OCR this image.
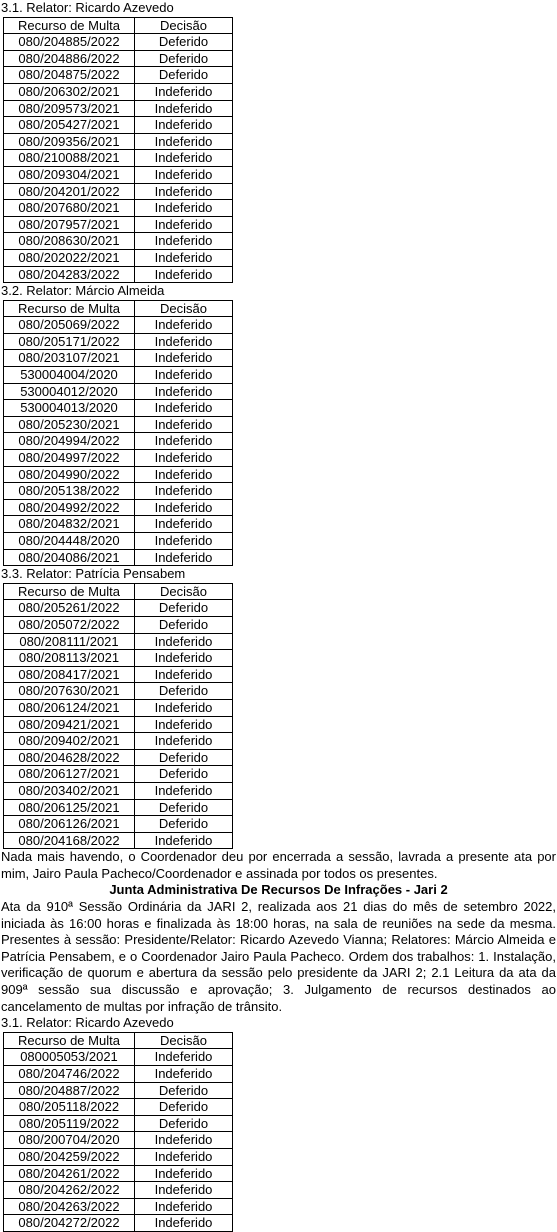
3.1. Relator: Ricardo Azevedo
Recurso de Multa	Decisão
080/204885/2022	Deferido
080/204886/2022	Deferido
080/204875/2022	Deferido
080/206302/2021	Indeferido
080/209573/2021	Indeferido
080/205427/2021	Indeferido
080/209356/2021	Indeferido
080/210088/2021	Indeferido
080/209304/2021	Indeferido
080/204201/2022	Indeferido
080/207680/2021	Indeferido
080/207957/2021	Indeferido
080/208630/2021	Indeferido
080/202022/2021	Indeferido
080/204283/2022	Indeferido
3.2. Relator: Márcio Almeida
Recurso de Multa	Decisão
080/205069/2022	Indeferido
080/205171/2022	Indeferido
080/203107/2021	Indeferido
530004004/2020	Indeferido
530004012/2020	Indeferido
530004013/2020	Indeferido
080/205230/2021	Indeferido
080/204994/2022	Indeferido
080/204997/2022	Indeferido
080/204990/2022	Indeferido
080/205138/2022	Indeferido
080/204992/2022	Indeferido
080/204832/2021	Indeferido
080/204448/2020	Indeferido
080/204086/2021	Indeferido
3.3. Relator: Patrícia Pensabem
Recurso de Multa	Decisão
080/205261/2022	Deferido
080/205072/2022	Deferido
080/208111/2021	Indeferido
080/208113/2021	Indeferido
080/208417/2021	Indeferido
080/207630/2021	Deferido
080/206124/2021	Indeferido
080/209421/2021	Indeferido
080/209402/2021	Indeferido
080/204628/2022	Deferido
080/206127/2021	Deferido
080/203402/2021	Indeferido
080/206125/2021	Deferido
080/206126/2021	Deferido
080/204168/2022	Indeferido
Nada mais havendo, o Coordenador deu por encerrada a sessão, lavrada a presente ata por mim, Jairo Paula Pacheco/Coordenador e assinada por todos os presentes.
Junta Administrativa De Recursos De Infrações - Jari 2
Ata da 910ª Sessão Ordinária da JARI 2, realizada aos 21 dias do mês de setembro 2022, iniciada às 16:00 horas e finalizada às 18:00 horas, na sala de reuniões na sede da mesma. Presentes à sessão: Presidente/Relator: Ricardo Azevedo Vianna; Relatores: Márcio Almeida e Patrícia Pensabem, e o Coordenador Jairo Paula Pacheco. Ordem dos trabalhos: 1. Instalação, verificação de quorum e abertura da sessão pelo presidente da JARI 2; 2.1 Leitura da ata da 909ª sessão sua discussão e aprovação; 3. Julgamento de recursos destinados ao cancelamento de multas por infração de trânsito.
3.1. Relator: Ricardo Azevedo
Recurso de Multa	Decisão
080005053/2021	Indeferido
080/204746/2022	Indeferido
080/204887/2022	Deferido
080/205118/2022	Deferido
080/205119/2022	Deferido
080/200704/2020	Indeferido
080/204259/2022	Indeferido
080/204261/2022	Indeferido
080/204262/2022	Indeferido
080/204263/2022	Indeferido
080/204272/2022	Indeferido
